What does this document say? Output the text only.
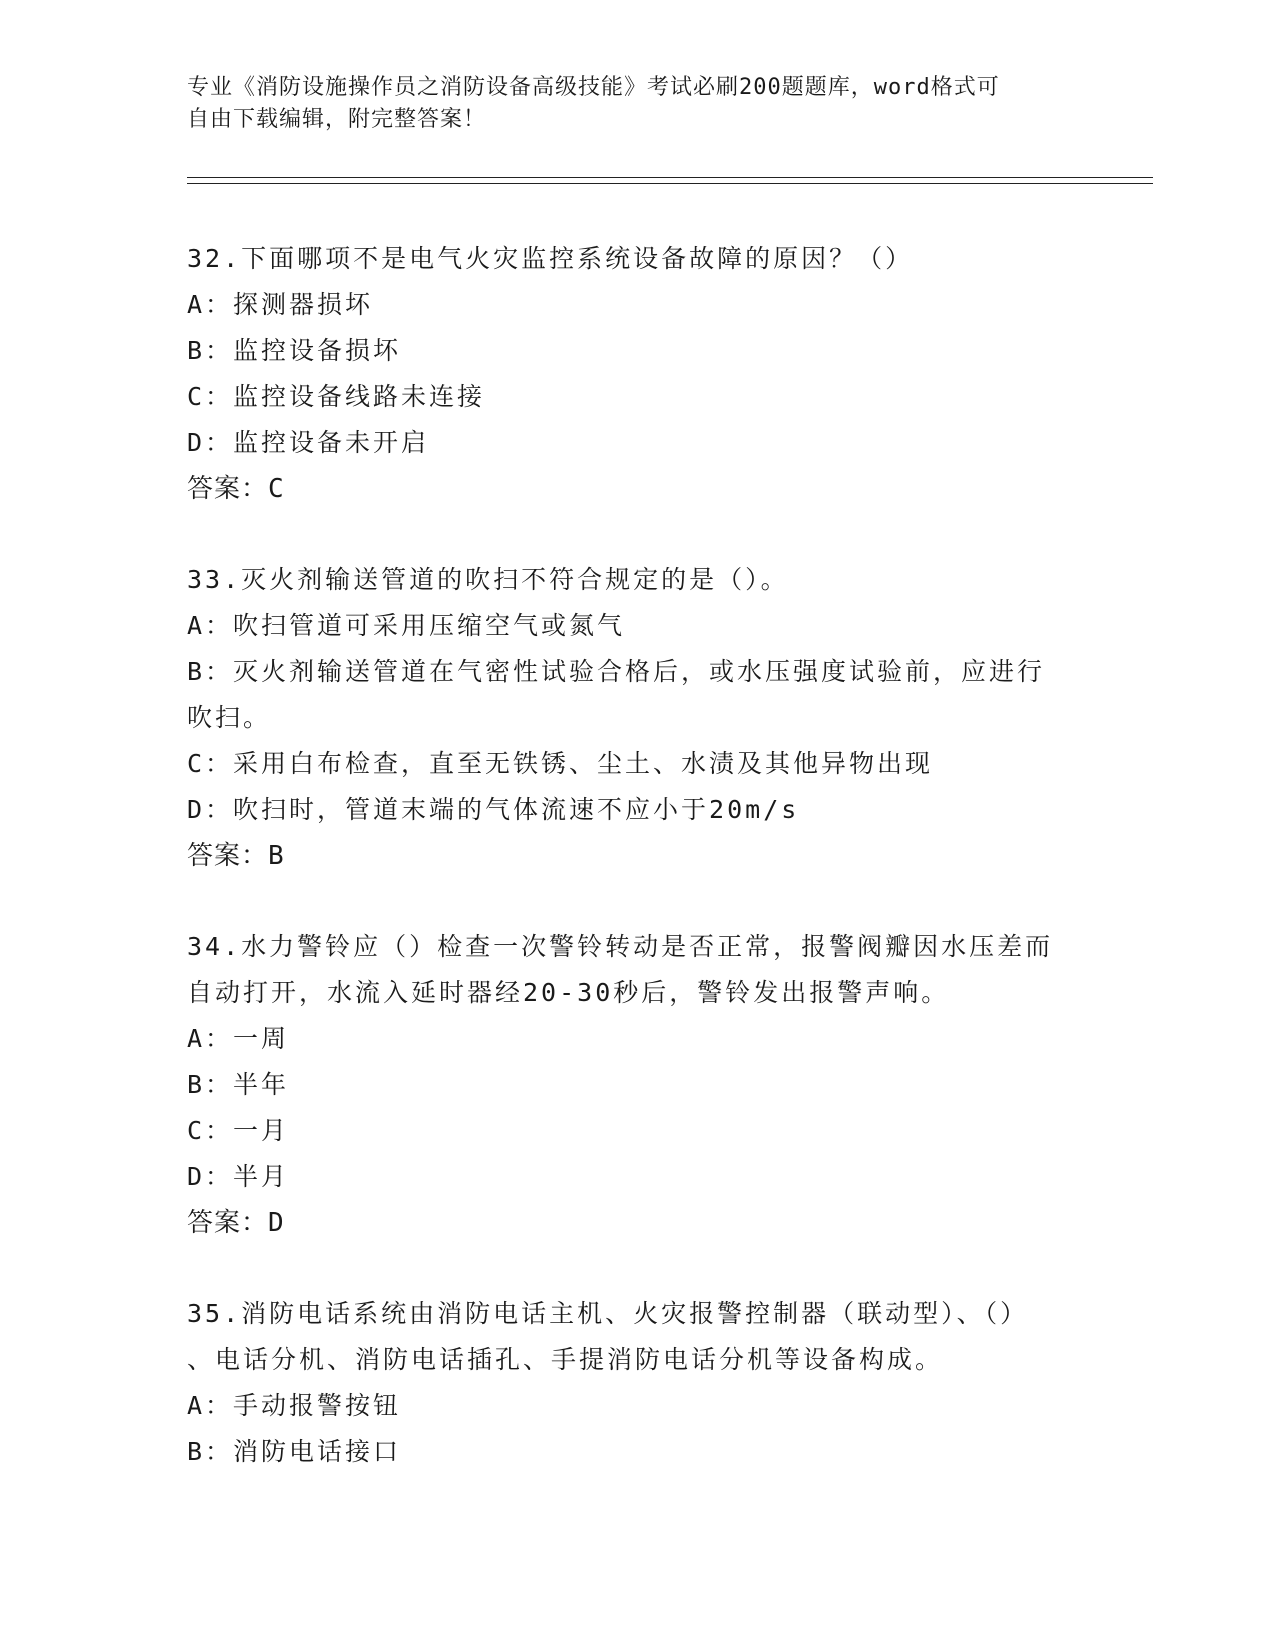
专业《消防设施操作员之消防设备高级技能》考试必刷200题题库，word格式可
自由下载编辑，附完整答案！
32.下面哪项不是电气火灾监控系统设备故障的原因？（）
A：探测器损坏
B：监控设备损坏
C：监控设备线路未连接
D：监控设备未开启
答案：C
33.灭火剂输送管道的吹扫不符合规定的是（）。
A：吹扫管道可采用压缩空气或氮气
B：灭火剂输送管道在气密性试验合格后，或水压强度试验前，应进行
吹扫。
C：采用白布检查，直至无铁锈、尘土、水渍及其他异物出现
D：吹扫时，管道末端的气体流速不应小于20m/s
答案：B
34.水力警铃应（）检查一次警铃转动是否正常，报警阀瓣因水压差而
自动打开，水流入延时器经20-30秒后，警铃发出报警声响。
A：一周
B：半年
C：一月
D：半月
答案：D
35.消防电话系统由消防电话主机、火灾报警控制器（联动型）、（）
、电话分机、消防电话插孔、手提消防电话分机等设备构成。
A：手动报警按钮
B：消防电话接口
